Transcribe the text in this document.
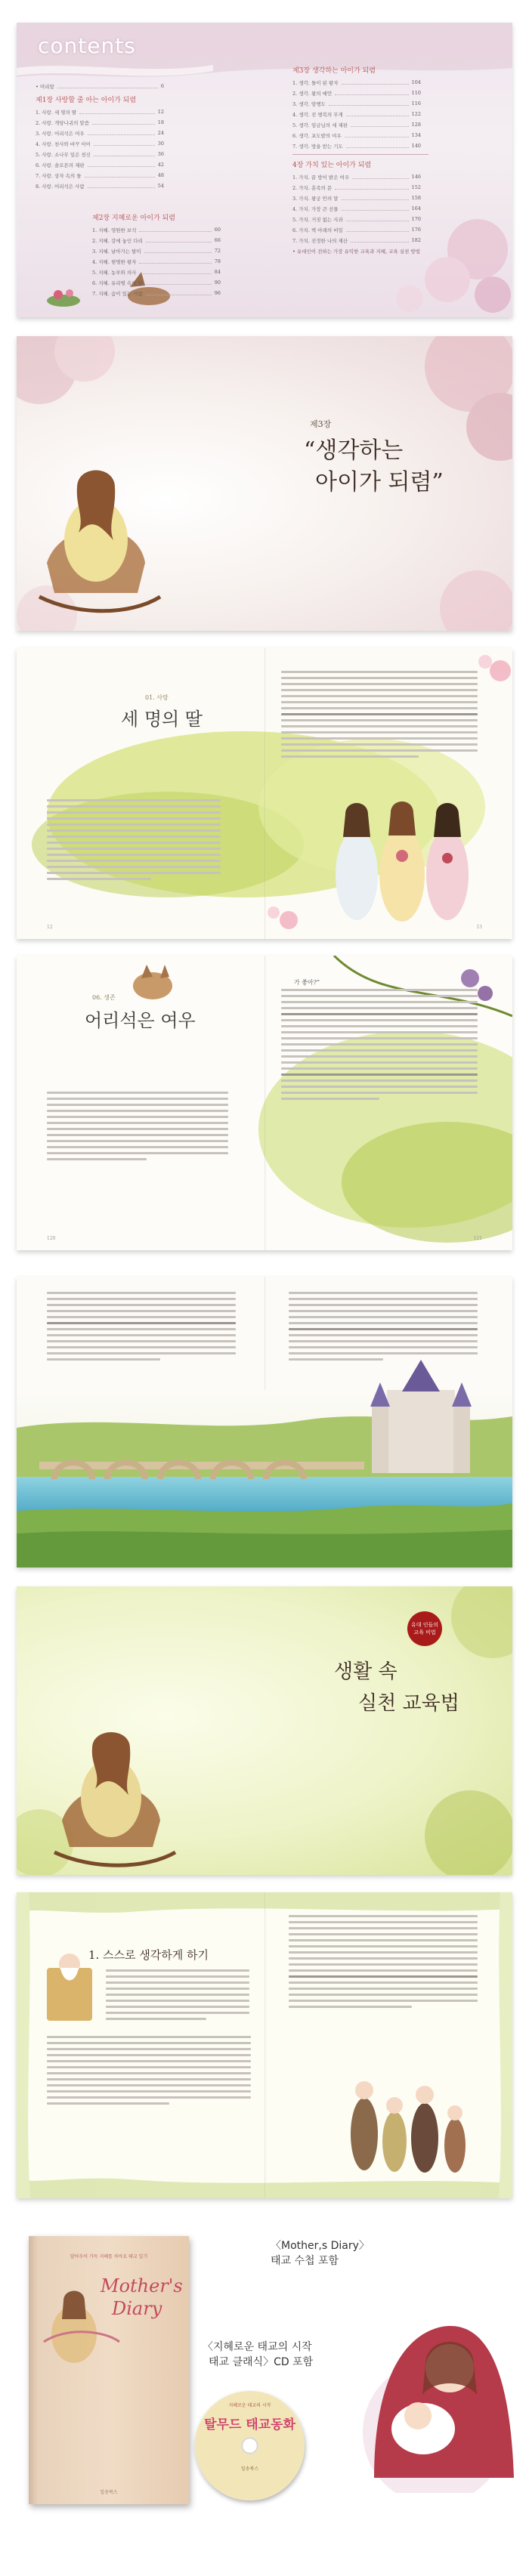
contents
• 머리말	6
제1장 사랑할 줄 아는 아이가 되렴
1. 사랑. 세 명의 딸	12
2. 사랑. 개당나귀의 말씀	18
3. 사랑. 어리석은 여우	24
4. 사랑. 천사와 바꾸 아이	30
5. 사랑. 소나무 잎은 천신	36
6. 사랑. 솔로몬의 재판	42
7. 사랑. 상자 속의 돌	48
8. 사랑. 어리석은 사람	54
제2장 지혜로운 아이가 되렴
1. 지혜. 영원한 보석	60
2. 지혜. 강에 놓인 다리	66
3. 지혜. 날아가는 탈미	72
4. 지혜. 현명한 왕자	78
5. 지혜. 농부와 의사	84
6. 지혜. 유리병 속의 말	90
7. 지혜. 숨이 있는 사람	96
제3장 생각하는 아이가 되렴
1. 생각. 돌이 된 왕자	104
2. 생각. 왕의 예언	110
3. 생각. 암행도	116
4. 생각. 진 행복의 무게	122
5. 생각. 임금님의 세 재판	128
6. 생각. 포도밭의 여우	134
7. 생각. 방울 받는 기도	140
4장 가치 있는 아이가 되렴
1. 가치. 끝 방이 밝은 여우	146
2. 가치. 훈족의 문	152
3. 가치. 왕궁 안의 말	158
4. 가치. 가장 큰 선물	164
5. 가치. 거짓 없는 사과	170
6. 가치. 벽 아래의 비밀	176
7. 가치. 진정한 나의 재산	182
• 유대인이 전하는 가장 유익한 교육과 지혜, 교육 실천 방법
제3장
“생각하는
아이가 되렴”
01. 사랑
세 명의 딸
12	13
06. 생존
어리석은 여우
가 좋아?”
120	121
유대 인들의
교육 비법
생활 속
실천 교육법
1. 스스로 생각하게 하기
알아두어 가득 지혜를 차아요 태교 일기
Mother's
Diary
일송북스
〈Mother,s Diary〉
태교 수첩 포함
〈지혜로운 태교의 시작
태교 클래식〉CD 포함
지혜로운 태교의 시작
탈무드 태교동화
일송북스
